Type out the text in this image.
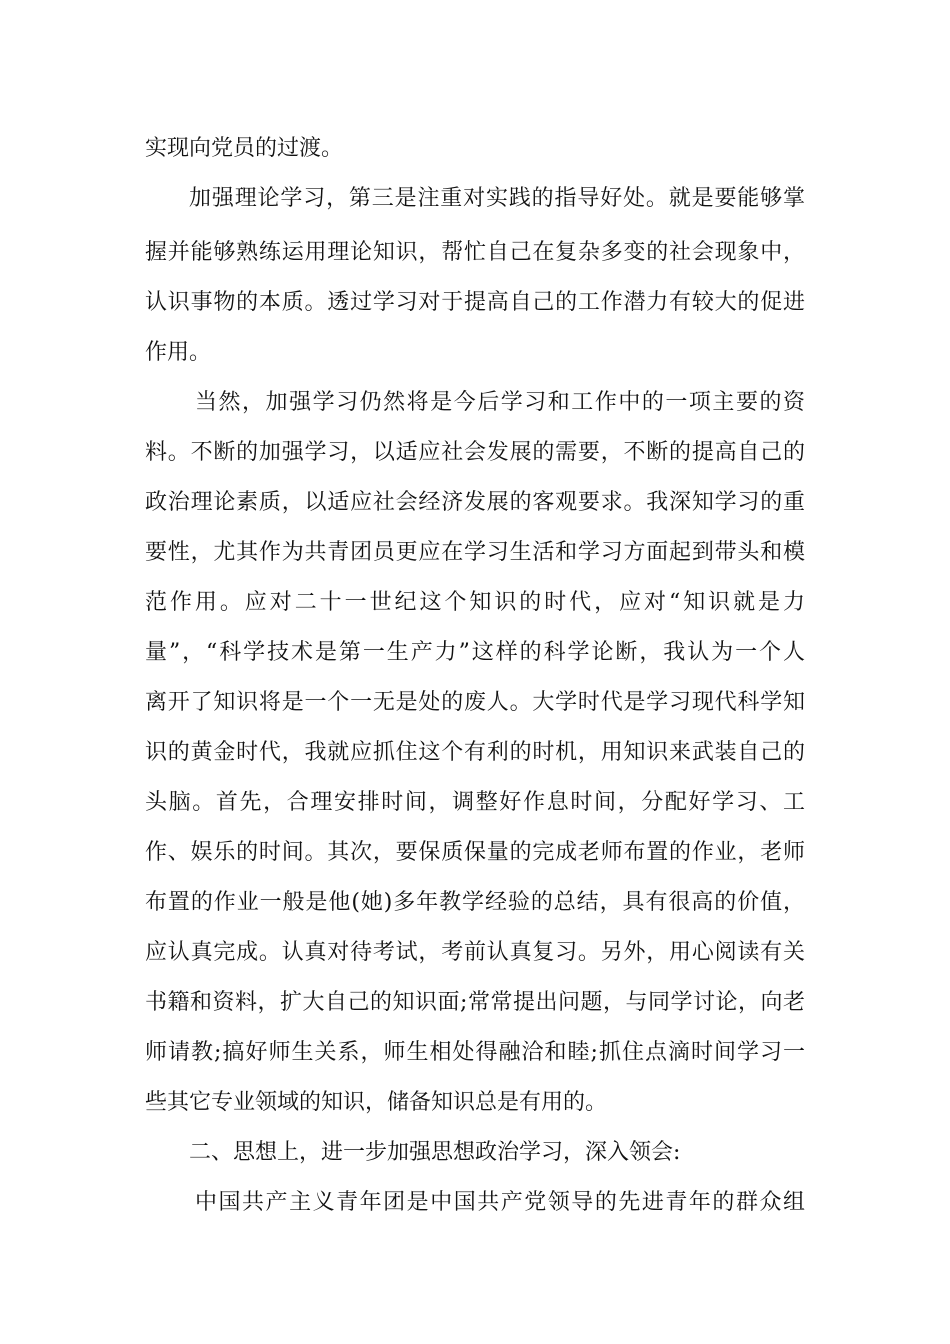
实现向党员的过渡。
加强理论学习，第三是注重对实践的指导好处。就是要能够掌
握并能够熟练运用理论知识，帮忙自己在复杂多变的社会现象中，
认识事物的本质。透过学习对于提高自己的工作潜力有较大的促进
作用。
当然，加强学习仍然将是今后学习和工作中的一项主要的资
料。不断的加强学习，以适应社会发展的需要，不断的提高自己的
政治理论素质，以适应社会经济发展的客观要求。我深知学习的重
要性，尤其作为共青团员更应在学习生活和学习方面起到带头和模
范作用。应对二十一世纪这个知识的时代，应对“知识就是力
量”，“科学技术是第一生产力”这样的科学论断，我认为一个人
离开了知识将是一个一无是处的废人。大学时代是学习现代科学知
识的黄金时代，我就应抓住这个有利的时机，用知识来武装自己的
头脑。首先，合理安排时间，调整好作息时间，分配好学习、工
作、娱乐的时间。其次，要保质保量的完成老师布置的作业，老师
布置的作业一般是他(她)多年教学经验的总结，具有很高的价值，
应认真完成。认真对待考试，考前认真复习。另外，用心阅读有关
书籍和资料，扩大自己的知识面;常常提出问题，与同学讨论，向老
师请教;搞好师生关系，师生相处得融洽和睦;抓住点滴时间学习一
些其它专业领域的知识，储备知识总是有用的。
二、思想上，进一步加强思想政治学习，深入领会:
中国共产主义青年团是中国共产党领导的先进青年的群众组
